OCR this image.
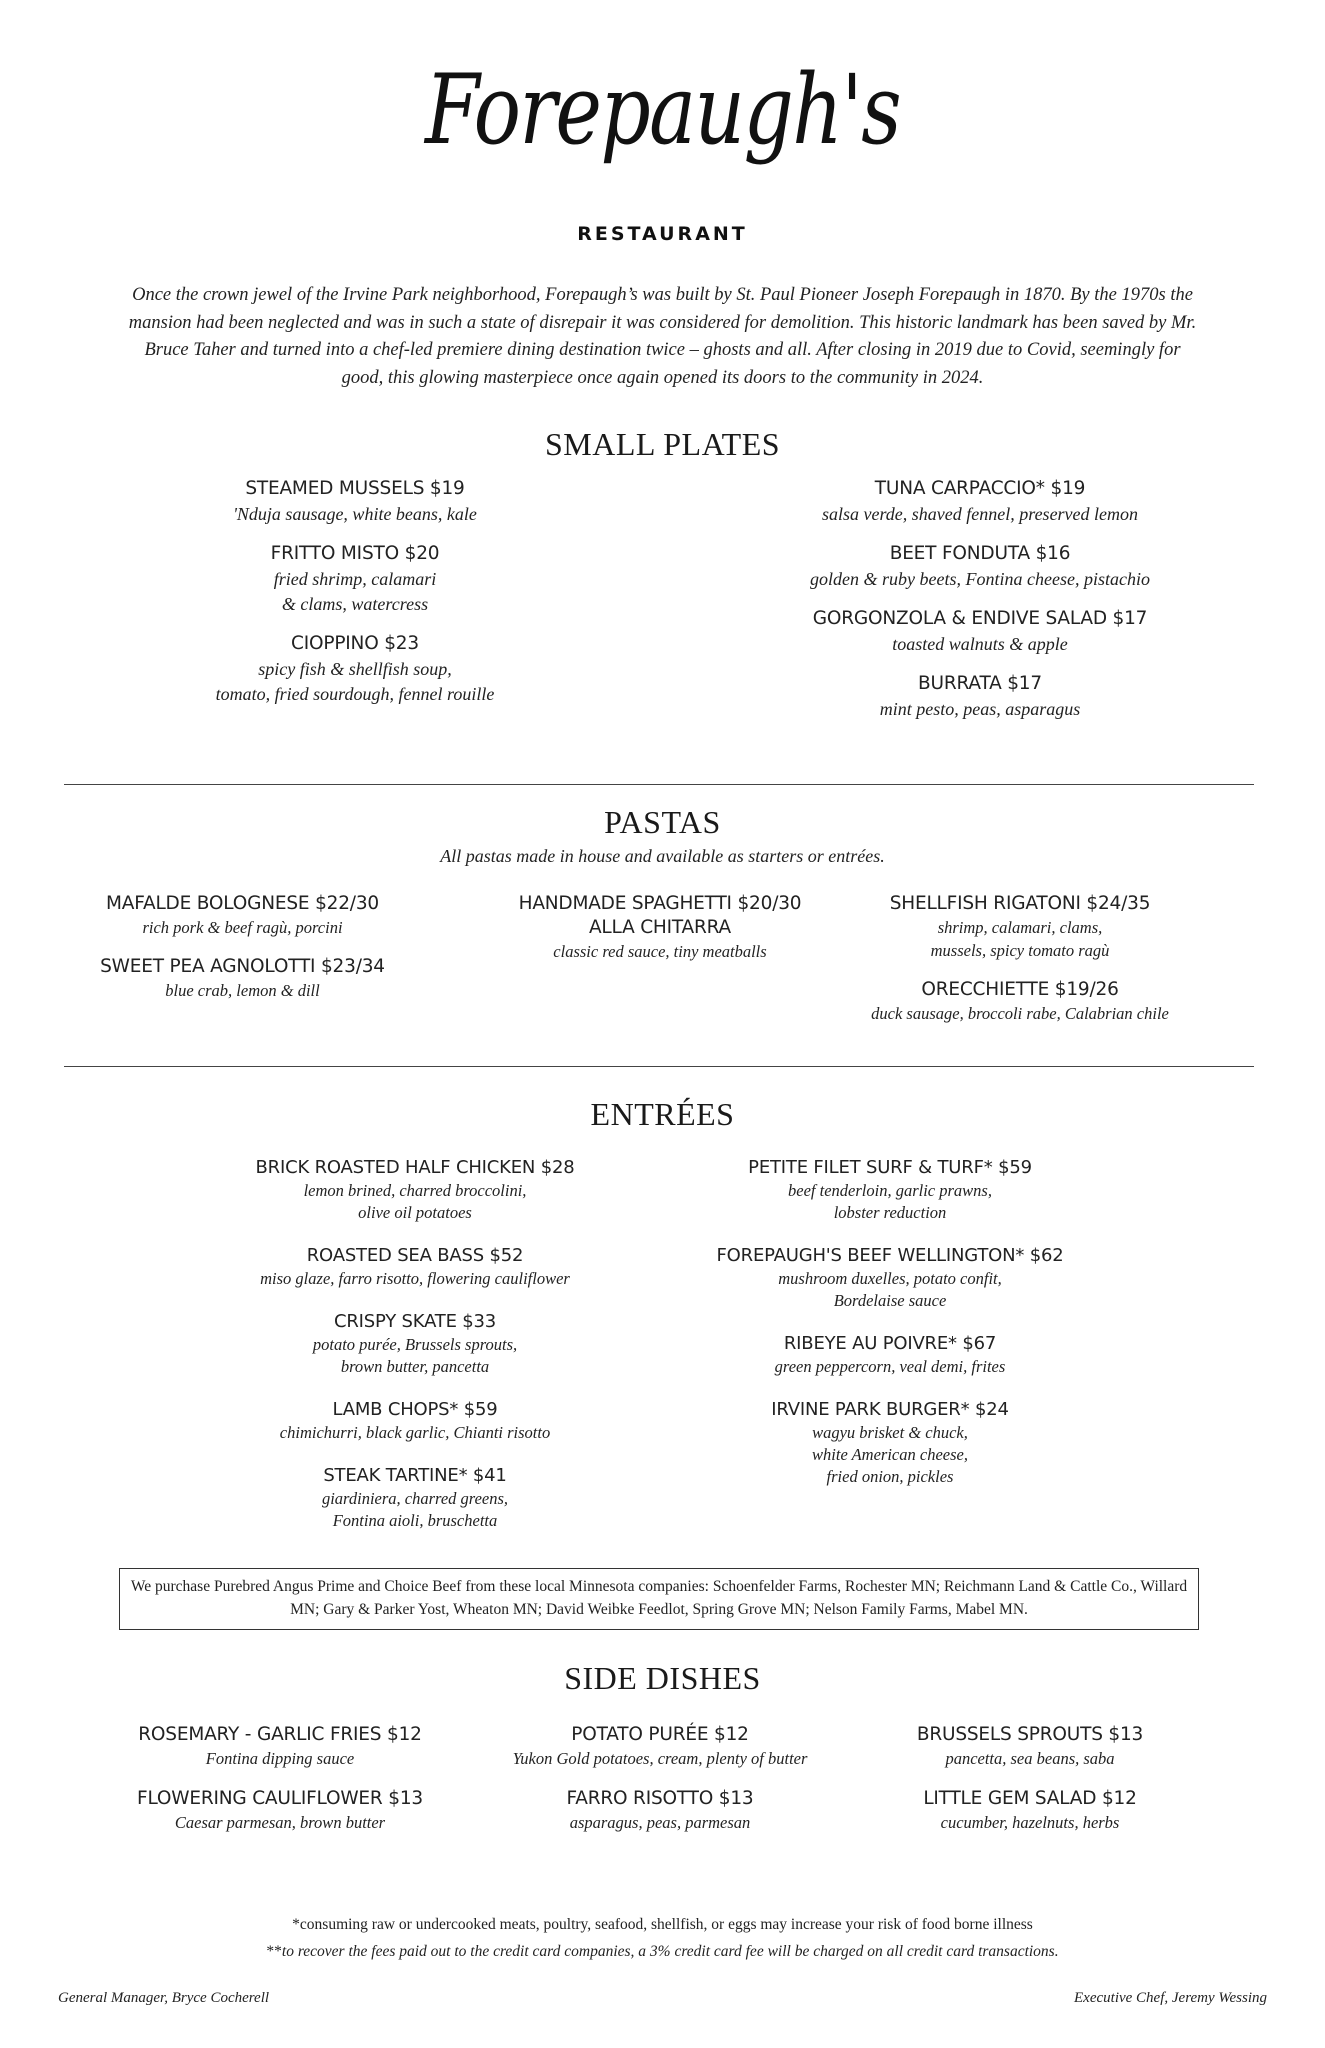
Forepaugh's
RESTAURANT
Once the crown jewel of the Irvine Park neighborhood, Forepaugh’s was built by St. Paul Pioneer Joseph Forepaugh in 1870. By the 1970s the mansion had been neglected and was in such a state of disrepair it was considered for demolition. This historic landmark has been saved by Mr. Bruce Taher and turned into a chef-led premiere dining destination twice – ghosts and all. After closing in 2019 due to Covid, seemingly for good, this glowing masterpiece once again opened its doors to the community in 2024.
SMALL PLATES
STEAMED MUSSELS $19
'Nduja sausage, white beans, kale
FRITTO MISTO $20
fried shrimp, calamari
& clams, watercress
CIOPPINO $23
spicy fish & shellfish soup,
tomato, fried sourdough, fennel rouille
TUNA CARPACCIO* $19
salsa verde, shaved fennel, preserved lemon
BEET FONDUTA $16
golden & ruby beets, Fontina cheese, pistachio
GORGONZOLA & ENDIVE SALAD $17
toasted walnuts & apple
BURRATA $17
mint pesto, peas, asparagus
PASTAS
All pastas made in house and available as starters or entrées.
MAFALDE BOLOGNESE $22/30
rich pork & beef ragù, porcini
SWEET PEA AGNOLOTTI $23/34
blue crab, lemon & dill
HANDMADE SPAGHETTI $20/30
ALLA CHITARRA
classic red sauce, tiny meatballs
SHELLFISH RIGATONI $24/35
shrimp, calamari, clams,
mussels, spicy tomato ragù
ORECCHIETTE $19/26
duck sausage, broccoli rabe, Calabrian chile
ENTRÉES
BRICK ROASTED HALF CHICKEN $28
lemon brined, charred broccolini,
olive oil potatoes
ROASTED SEA BASS $52
miso glaze, farro risotto, flowering cauliflower
CRISPY SKATE $33
potato purée, Brussels sprouts,
brown butter, pancetta
LAMB CHOPS* $59
chimichurri, black garlic, Chianti risotto
STEAK TARTINE* $41
giardiniera, charred greens,
Fontina aioli, bruschetta
PETITE FILET SURF & TURF* $59
beef tenderloin, garlic prawns,
lobster reduction
FOREPAUGH'S BEEF WELLINGTON* $62
mushroom duxelles, potato confit,
Bordelaise sauce
RIBEYE AU POIVRE* $67
green peppercorn, veal demi, frites
IRVINE PARK BURGER* $24
wagyu brisket & chuck,
white American cheese,
fried onion, pickles
We purchase Purebred Angus Prime and Choice Beef from these local Minnesota companies: Schoenfelder Farms, Rochester MN; Reichmann Land & Cattle Co., Willard MN; Gary & Parker Yost, Wheaton MN; David Weibke Feedlot, Spring Grove MN; Nelson Family Farms, Mabel MN.
SIDE DISHES
ROSEMARY - GARLIC FRIES $12
Fontina dipping sauce
FLOWERING CAULIFLOWER $13
Caesar parmesan, brown butter
POTATO PURÉE $12
Yukon Gold potatoes, cream, plenty of butter
FARRO RISOTTO $13
asparagus, peas, parmesan
BRUSSELS SPROUTS $13
pancetta, sea beans, saba
LITTLE GEM SALAD $12
cucumber, hazelnuts, herbs
*consuming raw or undercooked meats, poultry, seafood, shellfish, or eggs may increase your risk of food borne illness
**to recover the fees paid out to the credit card companies, a 3% credit card fee will be charged on all credit card transactions.
General Manager, Bryce Cocherell	Executive Chef, Jeremy Wessing
